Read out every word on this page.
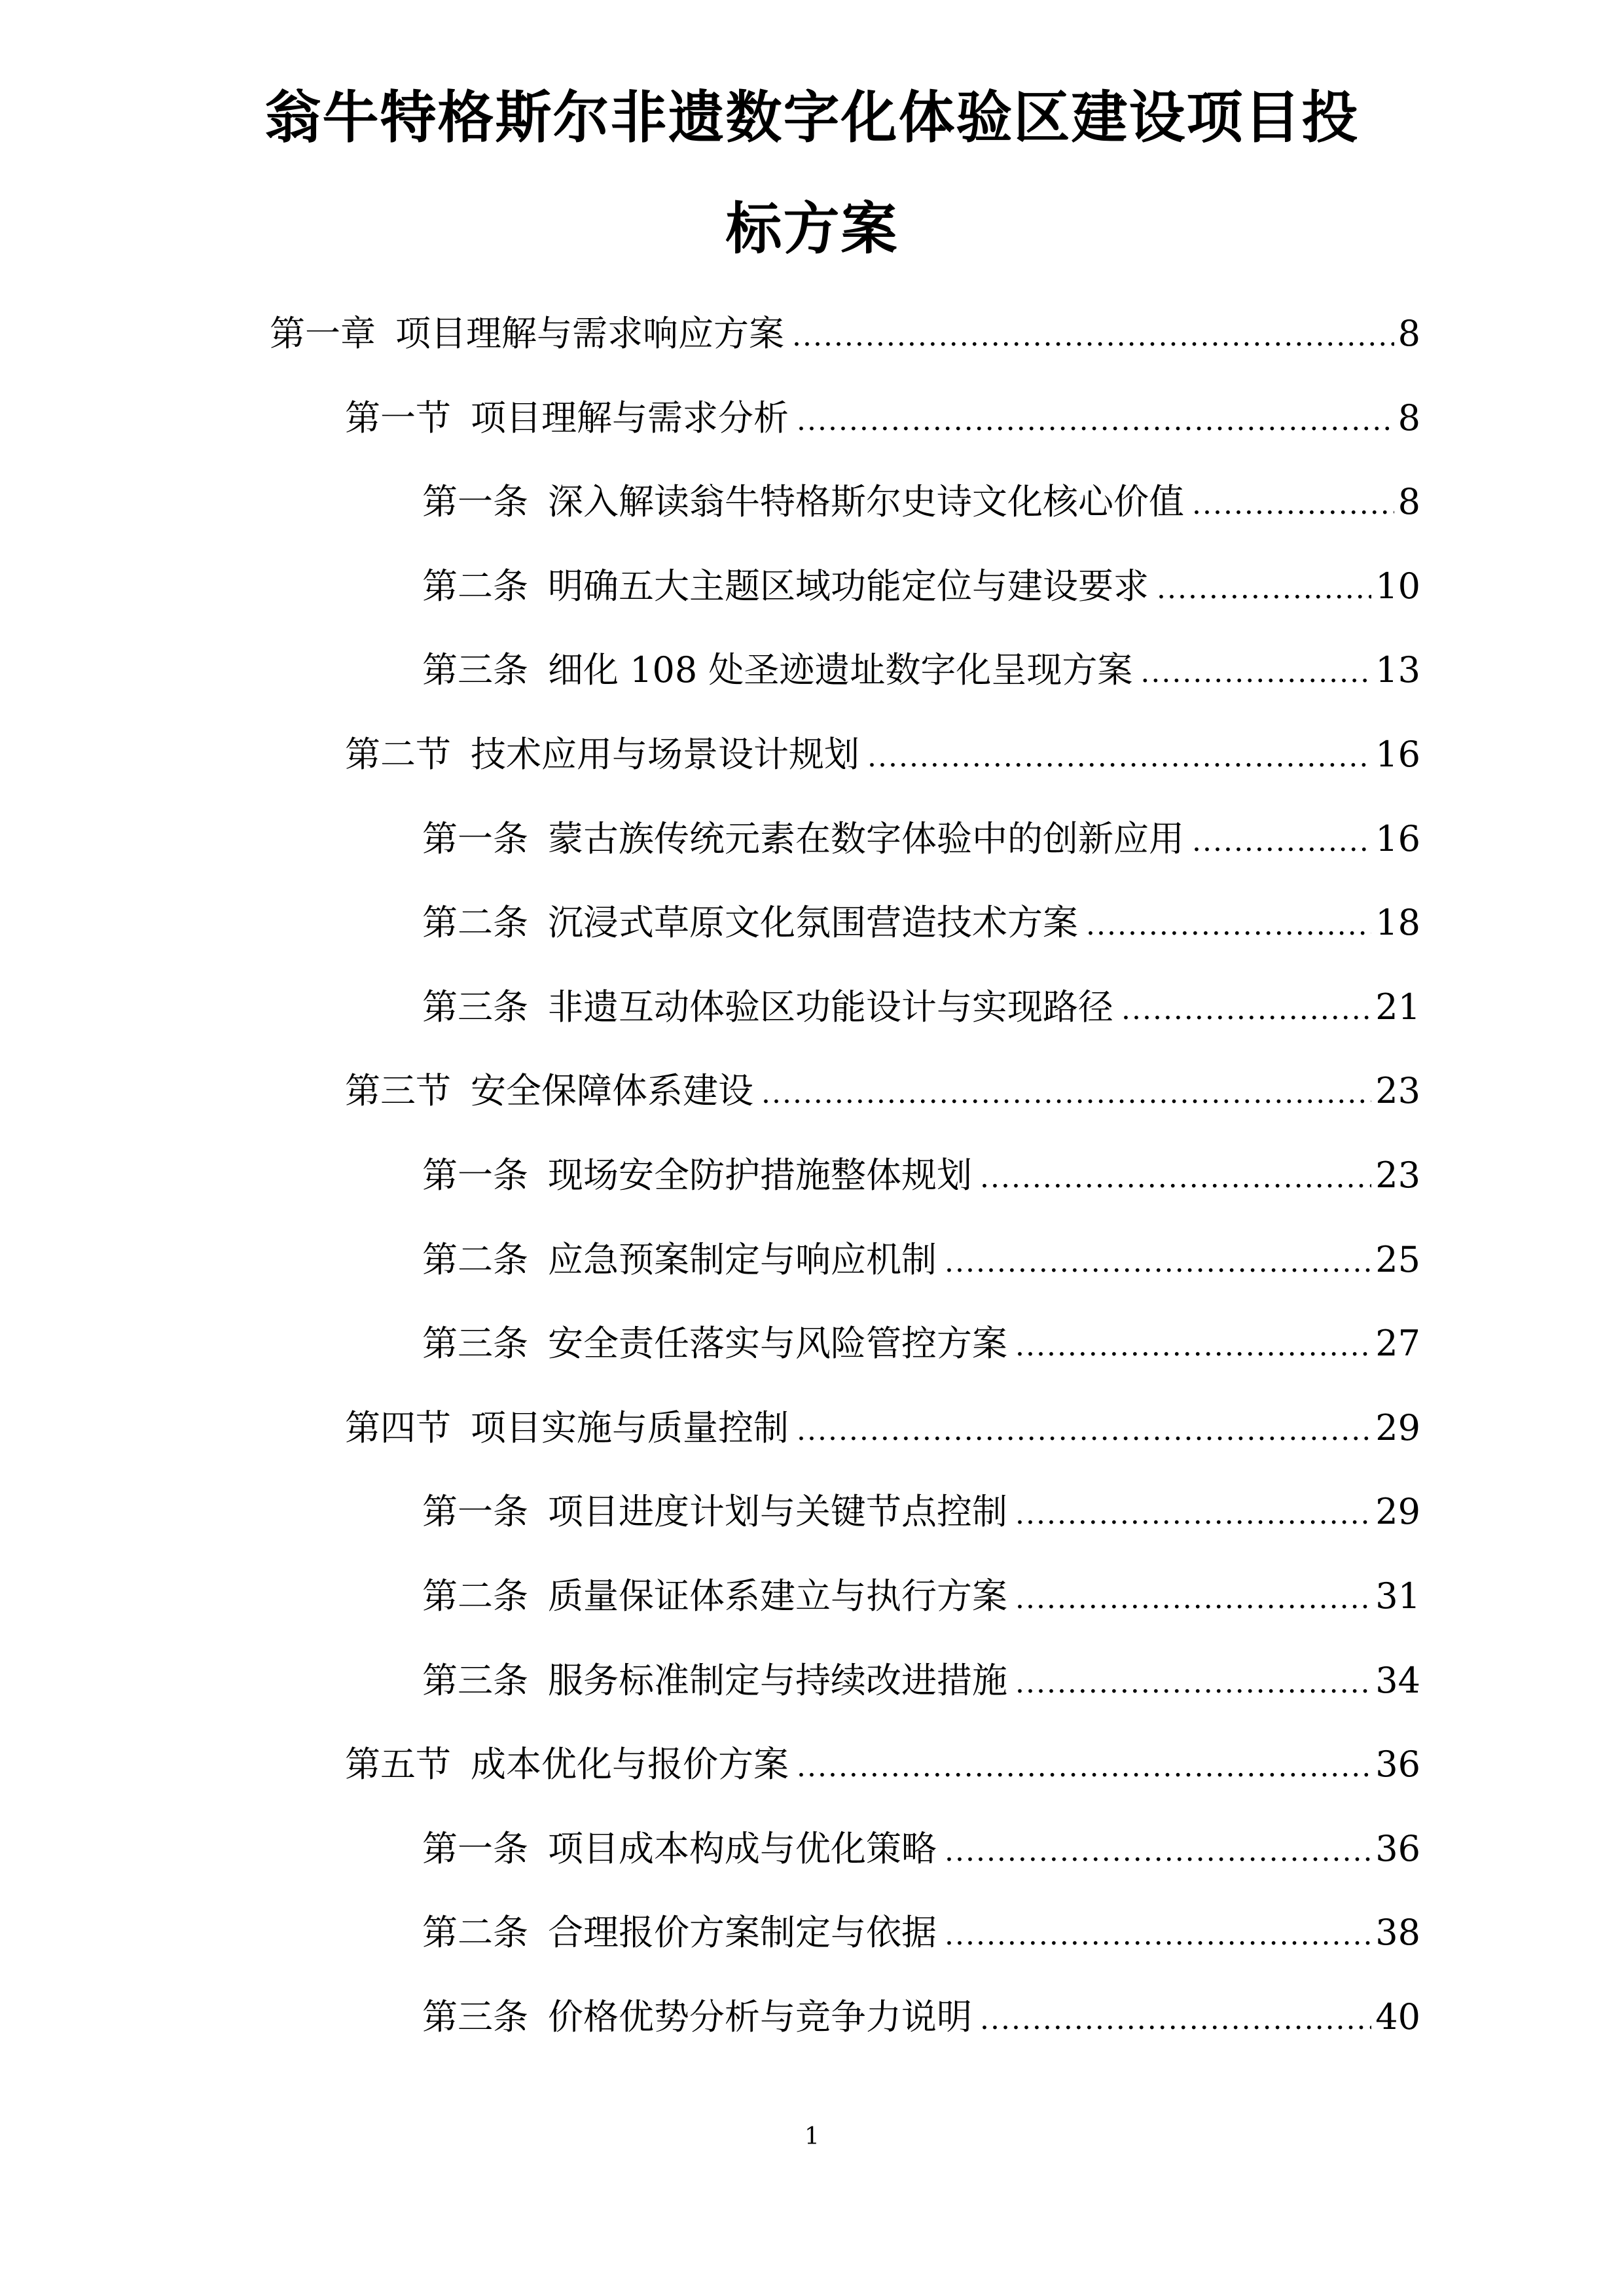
翁牛特格斯尔非遗数字化体验区建设项目投
标方案
第一章 项目理解与需求响应方案 .....	8
第一节 项目理解与需求分析 .....	8
第一条 深入解读翁牛特格斯尔史诗文化核心价值 .....	8
第二条 明确五大主题区域功能定位与建设要求 .....	10
第三条 细化 108 处圣迹遗址数字化呈现方案 .....	13
第二节 技术应用与场景设计规划 .....	16
第一条 蒙古族传统元素在数字体验中的创新应用 .....	16
第二条 沉浸式草原文化氛围营造技术方案 .....	18
第三条 非遗互动体验区功能设计与实现路径 .....	21
第三节 安全保障体系建设 .....	23
第一条 现场安全防护措施整体规划 .....	23
第二条 应急预案制定与响应机制 .....	25
第三条 安全责任落实与风险管控方案 .....	27
第四节 项目实施与质量控制 .....	29
第一条 项目进度计划与关键节点控制 .....	29
第二条 质量保证体系建立与执行方案 .....	31
第三条 服务标准制定与持续改进措施 .....	34
第五节 成本优化与报价方案 .....	36
第一条 项目成本构成与优化策略 .....	36
第二条 合理报价方案制定与依据 .....	38
第三条 价格优势分析与竞争力说明 .....	40
1
